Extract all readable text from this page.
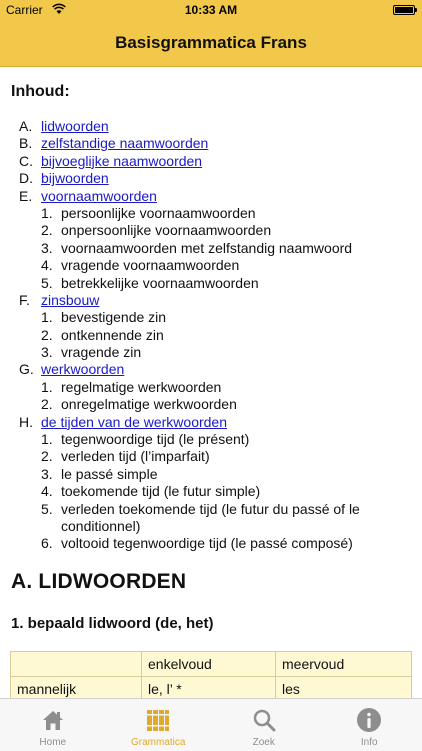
Carrier	10:33 AM
Basisgrammatica Frans
Inhoud:
A. lidwoorden
B. zelfstandige naamwoorden
C. bijvoeglijke naamwoorden
D. bijwoorden
E. voornaamwoorden
1. persoonlijke voornaamwoorden
2. onpersoonlijke voornaamwoorden
3. voornaamwoorden met zelfstandig naamwoord
4. vragende voornaamwoorden
5. betrekkelijke voornaamwoorden
F. zinsbouw
1. bevestigende zin
2. ontkennende zin
3. vragende zin
G. werkwoorden
1. regelmatige werkwoorden
2. onregelmatige werkwoorden
H. de tijden van de werkwoorden
1. tegenwoordige tijd (le présent)
2. verleden tijd (l’imparfait)
3. le passé simple
4. toekomende tijd (le futur simple)
5. verleden toekomende tijd (le futur du passé of le
conditionnel)
6. voltooid tegenwoordige tijd (le passé composé)
A. LIDWOORDEN
1. bepaald lidwoord (de, het)
	enkelvoud	meervoud
mannelijk	le, l’ *	les
Home	Grammatica	Zoek	Info
